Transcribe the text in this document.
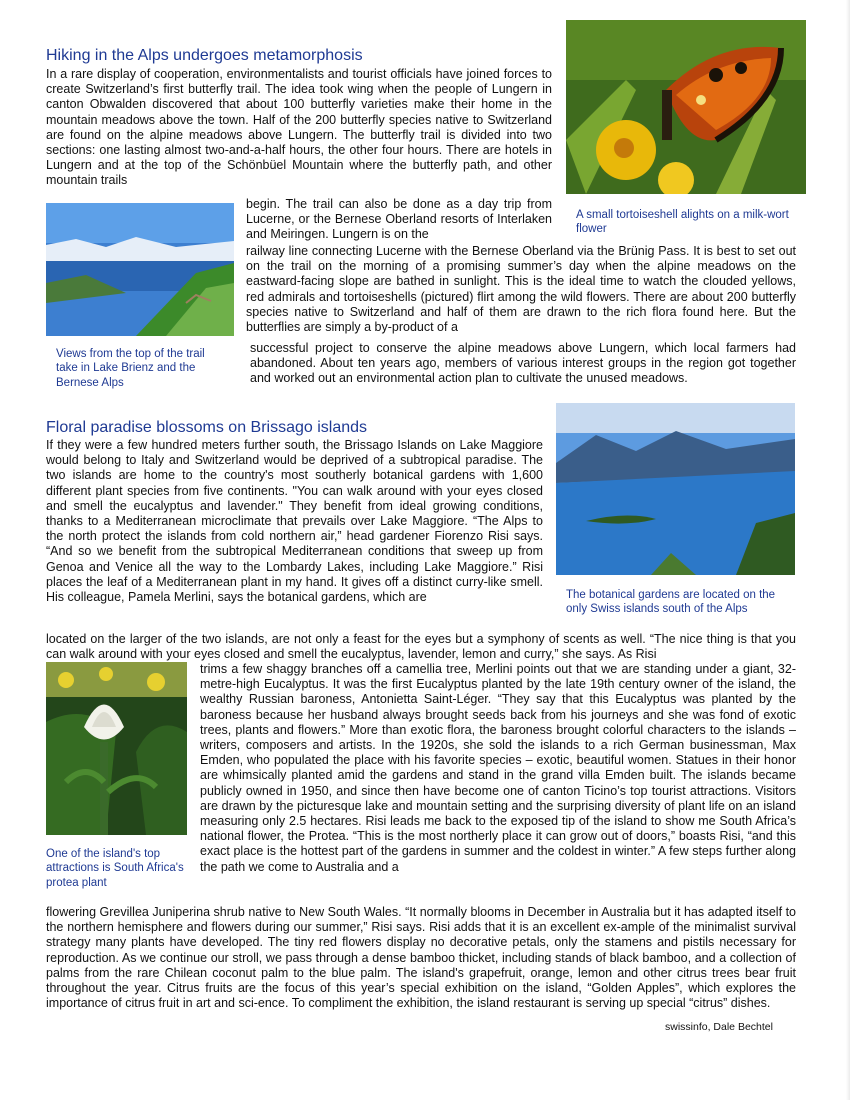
Hiking in the Alps undergoes metamorphosis

In a rare display of cooperation, environmentalists and tourist officials have joined forces to create Switzerland’s first butterfly trail. The idea took wing when the people of Lungern in canton Obwalden discovered that about 100 butterfly varieties make their home in the mountain meadows above the town. Half of the 200 butterfly species native to Switzerland are found on the alpine meadows above Lungern. The butterfly trail is divided into two sections: one lasting almost two-and-a-half hours, the other four hours. There are hotels in Lungern and at the top of the Schönbüel Mountain where the butterfly path, and other mountain trails

A small tortoiseshell alights on a milk-wort flower

Views from the top of the trail take in Lake Brienz and the Bernese Alps

begin. The trail can also be done as a day trip from Lucerne, or the Bernese Oberland resorts of Interlaken and Meiringen. Lungern is on the

railway line connecting Lucerne with the Bernese Oberland via the Brünig Pass. It is best to set out on the trail on the morning of a promising summer’s day when the alpine meadows on the eastward-facing slope are bathed in sunlight. This is the ideal time to watch the clouded yellows, red admirals and tortoiseshells (pictured) flirt among the wild flowers. There are about 200 butterfly species native to Switzerland and half of them are drawn to the rich flora found here. But the butterflies are simply a by-product of a

successful project to conserve the alpine meadows above Lungern, which local farmers had abandoned. About ten years ago, members of various interest groups in the region got together and worked out an environmental action plan to cultivate the unused meadows.

Floral paradise blossoms on Brissago islands

The botanical gardens are located on the only Swiss islands south of the Alps

If they were a few hundred meters further south, the Brissago Islands on Lake Maggiore would belong to Italy and Switzerland would be deprived of a subtropical paradise. The two islands are home to the country's most southerly botanical gardens with 1,600 different plant species from five continents. "You can walk around with your eyes closed and smell the eucalyptus and lavender." They benefit from ideal growing conditions, thanks to a Mediterranean microclimate that prevails over Lake Maggiore. “The Alps to the north protect the islands from cold northern air,” head gardener Fiorenzo Risi says. “And so we benefit from the subtropical Mediterranean conditions that sweep up from Genoa and Venice all the way to the Lombardy Lakes, including Lake Maggiore.” Risi places the leaf of a Mediterranean plant in my hand. It gives off a distinct curry-like smell. His colleague, Pamela Merlini, says the botanical gardens, which are

located on the larger of the two islands, are not only a feast for the eyes but a symphony of scents as well. “The nice thing is that you can walk around with your eyes closed and smell the eucalyptus, lavender, lemon and curry,” she says. As Risi

One of the island's top attractions is South Africa's protea plant

trims a few shaggy branches off a camellia tree, Merlini points out that we are standing under a giant, 32-metre-high Eucalyptus. It was the first Eucalyptus planted by the late 19th century owner of the island, the wealthy Russian baroness, Antonietta Saint-Léger. “They say that this Eucalyptus was planted by the baroness because her husband always brought seeds back from his journeys and she was fond of exotic trees, plants and flowers.” More than exotic flora, the baroness brought colorful characters to the islands – writers, composers and artists. In the 1920s, she sold the islands to a rich German businessman, Max Emden, who populated the place with his favorite species – exotic, beautiful women. Statues in their honor are whimsically planted amid the gardens and stand in the grand villa Emden built. The islands became publicly owned in 1950, and since then have become one of canton Ticino’s top tourist attractions. Visitors are drawn by the picturesque lake and mountain setting and the surprising diversity of plant life on an island measuring only 2.5 hectares. Risi leads me back to the exposed tip of the island to show me South Africa’s national flower, the Protea. “This is the most northerly place it can grow out of doors,” boasts Risi, “and this exact place is the hottest part of the gardens in summer and the coldest in winter.” A few steps further along the path we come to Australia and a

flowering Grevillea Juniperina shrub native to New South Wales. “It normally blooms in December in Australia but it has adapted itself to the northern hemisphere and flowers during our summer,” Risi says. Risi adds that it is an excellent ex-ample of the minimalist survival strategy many plants have developed. The tiny red flowers display no decorative petals, only the stamens and pistils necessary for reproduction. As we continue our stroll, we pass through a dense bamboo thicket, including stands of black bamboo, and a collection of palms from the rare Chilean coconut palm to the blue palm. The island's grapefruit, orange, lemon and other citrus trees bear fruit throughout the year. Citrus fruits are the focus of this year’s special exhibition on the island, “Golden Apples”, which explores the importance of citrus fruit in art and sci-ence. To compliment the exhibition, the island restaurant is serving up special “citrus” dishes.

swissinfo, Dale Bechtel
